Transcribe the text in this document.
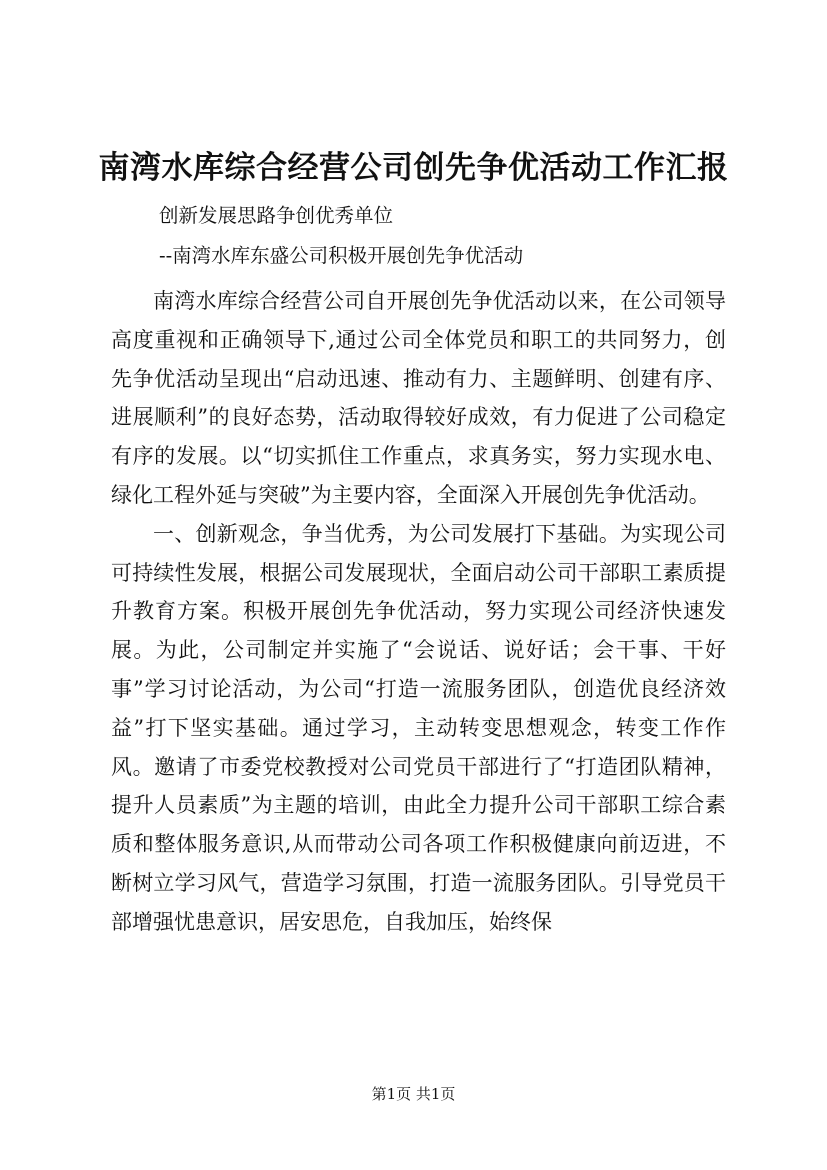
南湾水库综合经营公司创先争优活动工作汇报
创新发展思路争创优秀单位
--南湾水库东盛公司积极开展创先争优活动

南湾水库综合经营公司自开展创先争优活动以来，在公司领导高度重视和正确领导下,通过公司全体党员和职工的共同努力，创先争优活动呈现出“启动迅速、推动有力、主题鲜明、创建有序、进展顺利”的良好态势，活动取得较好成效，有力促进了公司稳定有序的发展。以“切实抓住工作重点，求真务实，努力实现水电、绿化工程外延与突破”为主要内容，全面深入开展创先争优活动。

一、创新观念，争当优秀，为公司发展打下基础。为实现公司可持续性发展，根据公司发展现状，全面启动公司干部职工素质提升教育方案。积极开展创先争优活动，努力实现公司经济快速发展。为此，公司制定并实施了“会说话、说好话；会干事、干好事”学习讨论活动，为公司“打造一流服务团队，创造优良经济效益”打下坚实基础。通过学习，主动转变思想观念，转变工作作风。邀请了市委党校教授对公司党员干部进行了“打造团队精神，提升人员素质”为主题的培训，由此全力提升公司干部职工综合素质和整体服务意识,从而带动公司各项工作积极健康向前迈进，不断树立学习风气，营造学习氛围，打造一流服务团队。引导党员干部增强忧患意识，居安思危，自我加压，始终保

第1页 共1页
